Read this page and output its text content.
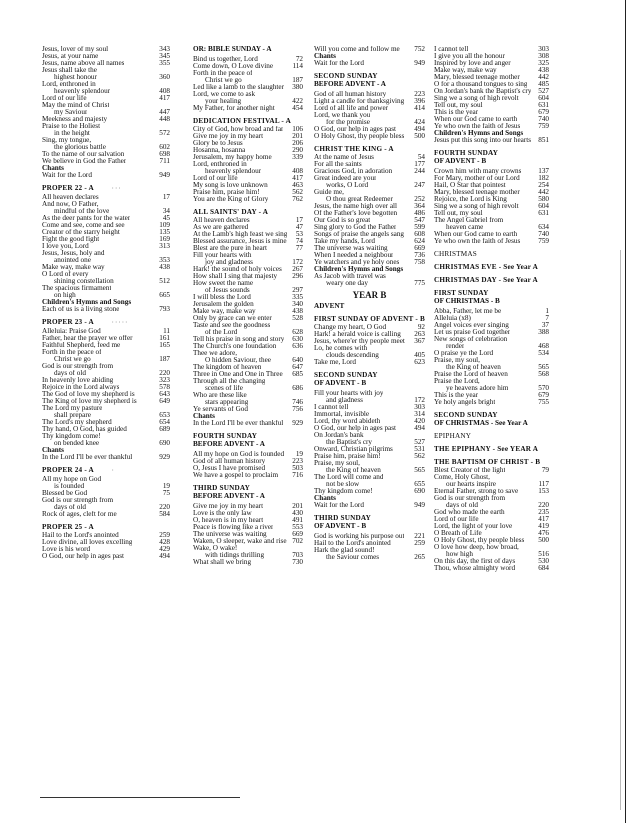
Jesus, lover of my soul	343
Jesus, at your name	345
Jesus, name above all names	355
Jesus shall take the
highest honour	360
Lord, enthroned in
heavenly splendour	408
Lord of our life	417
May the mind of Christ
my Saviour	447
Meekness and majesty	448
Praise to the Holiest
in the height	572
Sing, my tongue,
the glorious battle	602
To the name of our salvation	698
We believe in God the Father	711
Chants
Wait for the Lord	949
PROPER 22 - A	· · ·
All heaven declares	17
And now, O Father,
mindful of the love	34
As the deer pants for the water	45
Come and see, come and see	109
Creator of the starry height	135
Fight the good fight	169
I love you, Lord	313
Jesus, Jesus, holy and
anointed one	353
Make way, make way	438
O Lord of every
shining constellation	512
The spacious firmament
on high	665
Children's Hymns and Songs
Each of us is a living stone	793
PROPER 23 - A	· · · · ·
Alleluia: Praise God	11
Father, hear the prayer we offer	161
Faithful Shepherd, feed me	165
Forth in the peace of
Christ we go	187
God is our strength from
days of old	220
In heavenly love abiding	323
Rejoice in the Lord always	578
The God of love my shepherd is	643
The King of love my shepherd is	649
The Lord my pasture
shall prepare	653
The Lord's my shepherd	654
Thy hand, O God, has guided	689
Thy kingdom come!
on bended knee	690
Chants
In the Lord I'll be ever thankful	929
PROPER 24 - A	·
All my hope on God
is founded	19
Blessed be God	75
God is our strength from
days of old	220
Rock of ages, cleft for me	584
PROPER 25 - A
Hail to the Lord's anointed	259
Love divine, all loves excelling	428
Love is his word	429
O God, our help in ages past	494
OR: BIBLE SUNDAY - A
Bind us together, Lord	72
Come down, O Love divine	114
Forth in the peace of
Christ we go	187
Led like a lamb to the slaughter 380
Lord, we come to ask
your healing	422
My Father, for another night 454
DEDICATION FESTIVAL - A
City of God, how broad and far 106
Give me joy in my heart	201
Glory be to Jesus	206
Hosanna, hosanna	290
Jerusalem, my happy home	339
Lord, enthroned in
heavenly splendour	408
Lord of our life	417
My song is love unknown	463
Praise him, praise him!	562
You are the King of Glory	762
ALL SAINTS' DAY - A
All heaven declares	17
As we are gathered	47
At the Lamb's high feast we sing 53
Blessed assurance, Jesus is mine 74
Blest are the pure in heart	77
Fill your hearts with
joy and gladness	172
Hark! the sound of holy voices 267
How shall I sing that majesty 296
How sweet the name
of Jesus sounds	297
I will bless the Lord	335
Jerusalem the golden	340
Make way, make way	438
Only by grace can we enter	528
Taste and see the goodness
of the Lord	628
Tell his praise in song and story 630
The Church's one foundation 636
Thee we adore,
O hidden Saviour, thee	640
The kingdom of heaven	647
Three in One and One in Three 685
Through all the changing
scenes of life	686
Who are these like
stars appearing	746
Ye servants of God	756
Chants
In the Lord I'll be ever thankful 929
FOURTH SUNDAY
BEFORE ADVENT - A
All my hope on God is founded 19
God of all human history	223
O, Jesus I have promised	503
We have a gospel to proclaim 716
THIRD SUNDAY
BEFORE ADVENT - A
Give me joy in my heart	201
Love is the only law	430
O, heaven is in my heart	491
Peace is flowing like a river	553
The universe was waiting	669
Waken, O sleeper, wake and rise 702
Wake, O wake!
with tidings thrilling	703
What shall we bring	730
Will you come and follow me 752
Chants
Wait for the Lord	949
SECOND SUNDAY
BEFORE ADVENT - A
God of all human history	223
Light a candle for thanksgiving 396
Lord of all life and power	414
Lord, we thank you
for the promise	424
O God, our help in ages past	494
O Holy Ghost, thy people bless 500
CHRIST THE KING - A
At the name of Jesus	54
For all the saints	177
Gracious God, in adoration	244
Great indeed are your
works, O Lord	247
Guide me,
O thou great Redeemer	252
Jesus, the name high over all 364
Of the Father's love begotten 486
Our God is so great	547
Sing glory to God the Father 599
Songs of praise the angels sang 608
Take my hands, Lord	624
The universe was waiting	669
When I needed a neighbour	736
Ye watchers and ye holy ones 758
Children's Hymns and Songs
As Jacob with travel was
weary one day	775
YEAR B
ADVENT
FIRST SUNDAY OF ADVENT - B
Change my heart, O God	92
Hark! a herald voice is calling 263
Jesus, where'er thy people meet 367
Lo, he comes with
clouds descending	405
Take me, Lord	623
SECOND SUNDAY
OF ADVENT - B
Fill your hearts with joy
and gladness	172
I cannot tell	303
Immortal, invisible	314
Lord, thy word abideth	420
O God, our help in ages past	494
On Jordan's bank
the Baptist's cry	527
Onward, Christian pilgrims	531
Praise him, praise him!	562
Praise, my soul,
the King of heaven	565
The Lord will come and
not be slow	655
Thy kingdom come!	690
Chants
Wait for the Lord	949
THIRD SUNDAY
OF ADVENT - B
God is working his purpose out 221
Hail to the Lord's anointed	259
Hark the glad sound!
the Saviour comes	265
I cannot tell	303
I give you all the honour	308
Inspired by love and anger	325
Make way, make way	438
Mary, blessed teenage mother	442
O for a thousand tongues to sing 485
On Jordan's bank the Baptist's cry 527
Sing we a song of high revolt	604
Tell out, my soul	631
This is the year	679
When our God came to earth	740
Ye who own the faith of Jesus 759
Children's Hymns and Songs
Jesus put this song into our hearts 851
FOURTH SUNDAY
OF ADVENT - B
Crown him with many crowns 137
For Mary, mother of our Lord	182
Hail, O Star that pointest	254
Mary, blessed teenage mother	442
Rejoice, the Lord is King	580
Sing we a song of high revolt	604
Tell out, my soul	631
The Angel Gabriel from
heaven came	634
When our God came to earth	740
Ye who own the faith of Jesus 759
CHRISTMAS
CHRISTMAS EVE - See Year A
CHRISTMAS DAY - See Year A
FIRST SUNDAY
OF CHRISTMAS - B
Abba, Father, let me be	1
Alleluia (x8)	7
Angel voices ever singing	37
Let us praise God together	388
New songs of celebration
render	468
O praise ye the Lord	534
Praise, my soul,
the King of heaven	565
Praise the Lord of heaven	568
Praise the Lord,
ye heavens adore him	570
This is the year	679
Ye holy angels bright	755
SECOND SUNDAY
OF CHRISTMAS - See Year A
EPIPHANY
THE EPIPHANY - See YEAR A
THE BAPTISM OF CHRIST - B
Blest Creator of the light	79
Come, Holy Ghost,
our hearts inspire	117
Eternal Father, strong to save	153
God is our strength from
days of old	220
God who made the earth	235
Lord of our life	417
Lord, the light of your love	419
O Breath of Life	476
O Holy Ghost, thy people bless 500
O love how deep, how broad,
how high	516
On this day, the first of days	530
Thou, whose almighty word	684
